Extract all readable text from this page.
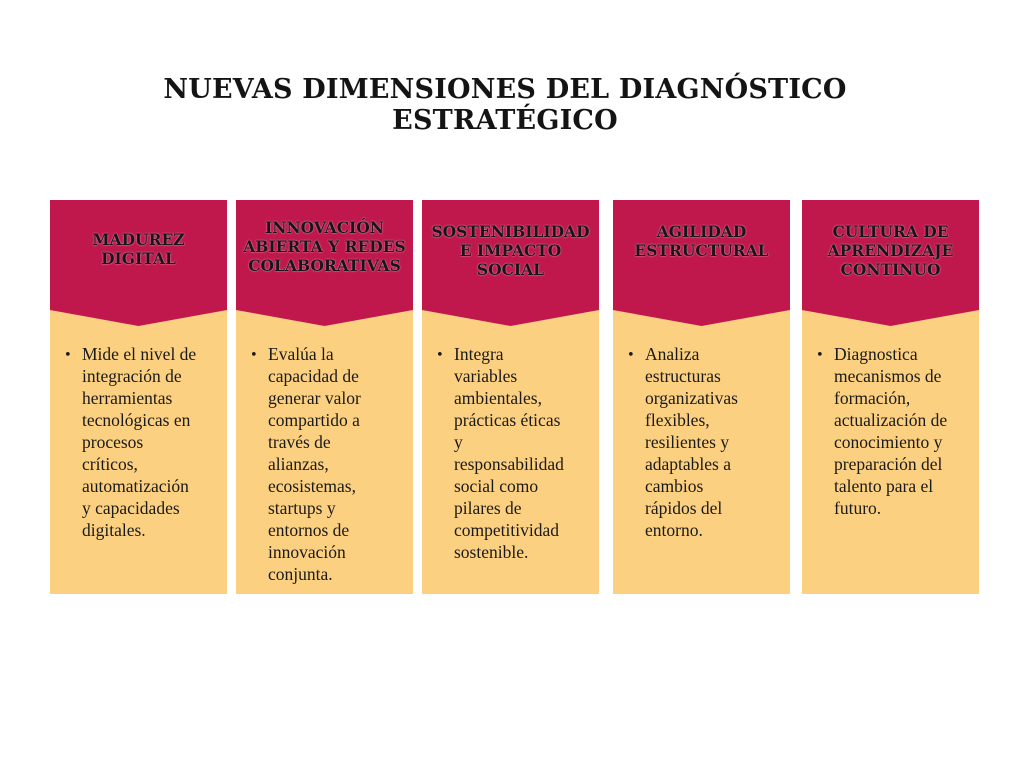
NUEVAS DIMENSIONES DEL DIAGNÓSTICO
ESTRATÉGICO
MADUREZ
DIGITAL
• Mide el nivel de
integración de
herramientas
tecnológicas en
procesos
críticos,
automatización
y capacidades
digitales.
INNOVACIÓN
ABIERTA Y REDES
COLABORATIVAS
• Evalúa la
capacidad de
generar valor
compartido a
través de
alianzas,
ecosistemas,
startups y
entornos de
innovación
conjunta.
SOSTENIBILIDAD
E IMPACTO
SOCIAL
• Integra
variables
ambientales,
prácticas éticas
y
responsabilidad
social como
pilares de
competitividad
sostenible.
AGILIDAD
ESTRUCTURAL
• Analiza
estructuras
organizativas
flexibles,
resilientes y
adaptables a
cambios
rápidos del
entorno.
CULTURA DE
APRENDIZAJE
CONTINUO
• Diagnostica
mecanismos de
formación,
actualización de
conocimiento y
preparación del
talento para el
futuro.
